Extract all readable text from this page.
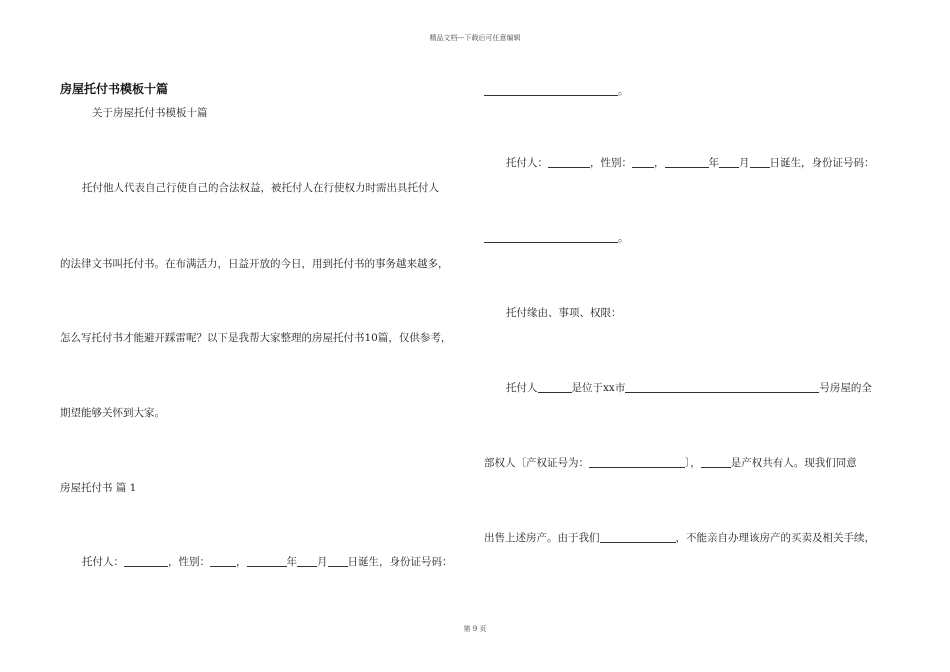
精品文档---下载后可任意编辑
房屋托付书模板十篇
关于房屋托付书模板十篇
托付他人代表自己行使自己的合法权益，被托付人在行使权力时需出具托付人
的法律文书叫托付书。在布满活力，日益开放的今日，用到托付书的事务越来越多，
怎么写托付书才能避开踩雷呢？以下是我帮大家整理的房屋托付书10篇，仅供参考，
期望能够关怀到大家。
房屋托付书 篇 1
托付人：	，性别： ，	年 月 日诞生，身份证号码：
。
托付人：	，性别： ，	年 月 日诞生，身份证号码：
。
托付缘由、事项、权限：
托付人	是位于xx市	号房屋的全
部权人〔产权证号为：	〕，	是产权共有人。现我们同意
出售上述房产。由于我们	，不能亲自办理该房产的买卖及相关手续，
第 9 页
